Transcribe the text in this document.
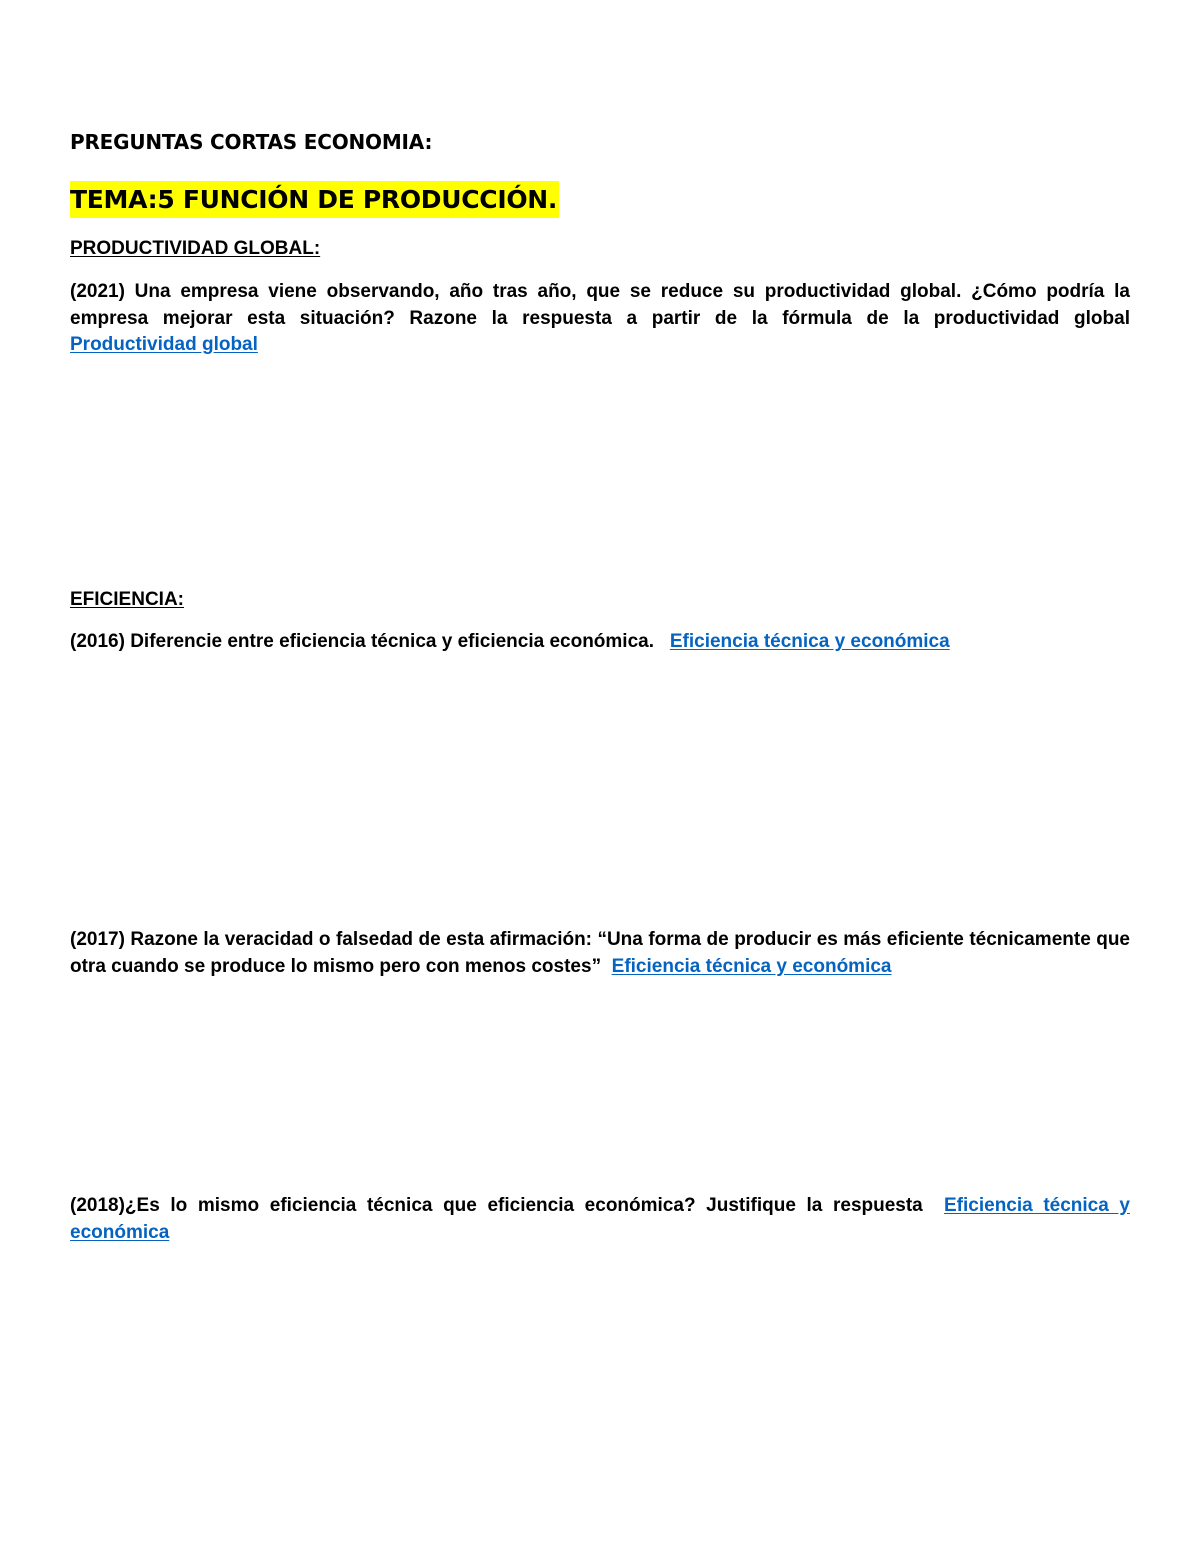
PREGUNTAS CORTAS ECONOMIA:
TEMA:5 FUNCIÓN DE PRODUCCIÓN.
PRODUCTIVIDAD GLOBAL:
(2021) Una empresa viene observando, año tras año, que se reduce su productividad global. ¿Cómo podría la empresa mejorar esta situación? Razone la respuesta a partir de la fórmula de la productividad global Productividad global
EFICIENCIA:
(2016) Diferencie entre eficiencia técnica y eficiencia económica. Eficiencia técnica y económica
(2017) Razone la veracidad o falsedad de esta afirmación: “Una forma de producir es más eficiente técnicamente que otra cuando se produce lo mismo pero con menos costes” Eficiencia técnica y económica
(2018)¿Es lo mismo eficiencia técnica que eficiencia económica? Justifique la respuesta Eficiencia técnica y económica
